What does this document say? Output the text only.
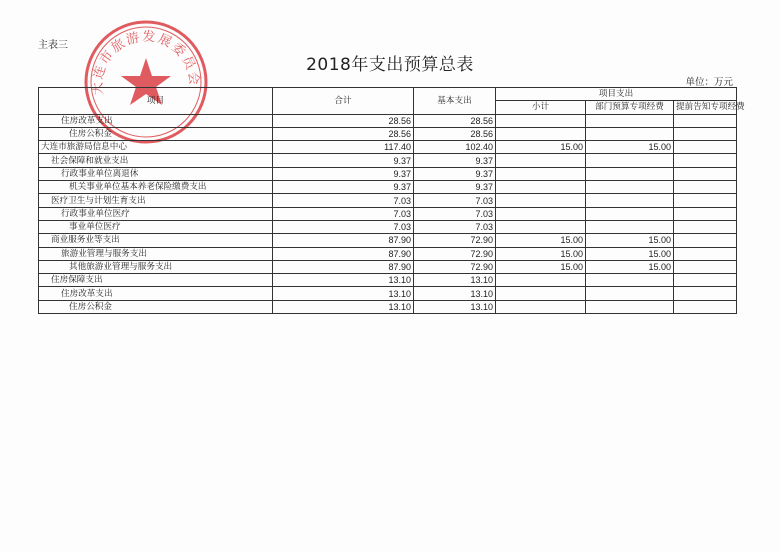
主表三
大连市旅游发展委员会
2018年支出预算总表
单位：万元
项目	合计	基本支出	项目支出		
			小计	部门预算专项经费	提前告知专项经费
住房改革支出	28.56	28.56			
住房公积金	28.56	28.56			
大连市旅游局信息中心	117.40	102.40	15.00	15.00	
社会保障和就业支出	9.37	9.37			
行政事业单位离退休	9.37	9.37			
机关事业单位基本养老保险缴费支出	9.37	9.37			
医疗卫生与计划生育支出	7.03	7.03			
行政事业单位医疗	7.03	7.03			
事业单位医疗	7.03	7.03			
商业服务业等支出	87.90	72.90	15.00	15.00	
旅游业管理与服务支出	87.90	72.90	15.00	15.00	
其他旅游业管理与服务支出	87.90	72.90	15.00	15.00	
住房保障支出	13.10	13.10			
住房改革支出	13.10	13.10			
住房公积金	13.10	13.10			
